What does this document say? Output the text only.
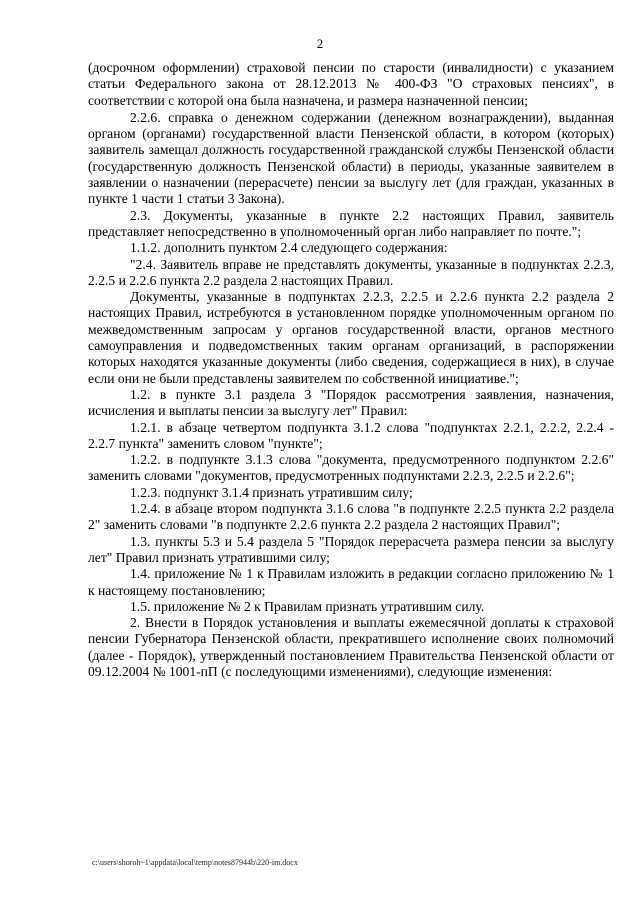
2

(досрочном оформлении) страховой пенсии по старости (инвалидности) с указанием статьи Федерального закона от 28.12.2013 № 400-ФЗ "О страховых пенсиях", в соответствии с которой она была назначена, и размера назначенной пенсии;

2.2.6. справка о денежном содержании (денежном вознаграждении), выданная органом (органами) государственной власти Пензенской области, в котором (которых) заявитель замещал должность государственной гражданской службы Пензенской области (государственную должность Пензенской области) в периоды, указанные заявителем в заявлении о назначении (перерасчете) пенсии за выслугу лет (для граждан, указанных в пункте 1 части 1 статьи 3 Закона).

2.3. Документы, указанные в пункте 2.2 настоящих Правил, заявитель представляет непосредственно в уполномоченный орган либо направляет по почте.";

1.1.2. дополнить пунктом 2.4 следующего содержания:

"2.4. Заявитель вправе не представлять документы, указанные в подпунктах 2.2.3, 2.2.5 и 2.2.6 пункта 2.2 раздела 2 настоящих Правил.

Документы, указанные в подпунктах 2.2.3, 2.2.5 и 2.2.6 пункта 2.2 раздела 2 настоящих Правил, истребуются в установленном порядке уполномоченным органом по межведомственным запросам у органов государственной власти, органов местного самоуправления и подведомственных таким органам организаций, в распоряжении которых находятся указанные документы (либо сведения, содержащиеся в них), в случае если они не были представлены заявителем по собственной инициативе.";

1.2. в пункте 3.1 раздела 3 "Порядок рассмотрения заявления, назначения, исчисления и выплаты пенсии за выслугу лет" Правил:

1.2.1. в абзаце четвертом подпункта 3.1.2 слова "подпунктах 2.2.1, 2.2.2, 2.2.4 - 2.2.7 пункта" заменить словом "пункте";

1.2.2. в подпункте 3.1.3 слова "документа, предусмотренного подпунктом 2.2.6" заменить словами "документов, предусмотренных подпунктами 2.2.3, 2.2.5 и 2.2.6";

1.2.3. подпункт 3.1.4 признать утратившим силу;

1.2.4. в абзаце втором подпункта 3.1.6 слова "в подпункте 2.2.5 пункта 2.2 раздела 2" заменить словами "в подпункте 2.2.6 пункта 2.2 раздела 2 настоящих Правил";

1.3. пункты 5.3 и 5.4 раздела 5 "Порядок перерасчета размера пенсии за выслугу лет" Правил признать утратившими силу;

1.4. приложение № 1 к Правилам изложить в редакции согласно приложению № 1 к настоящему постановлению;

1.5. приложение № 2 к Правилам признать утратившим силу.

2. Внести в Порядок установления и выплаты ежемесячной доплаты к страховой пенсии Губернатора Пензенской области, прекратившего исполнение своих полномочий (далее - Порядок), утвержденный постановлением Правительства Пензенской области от 09.12.2004 № 1001-пП (с последующими изменениями), следующие изменения:

c:\users\shoroh~1\appdata\local\temp\notes87944b\220-im.docx
